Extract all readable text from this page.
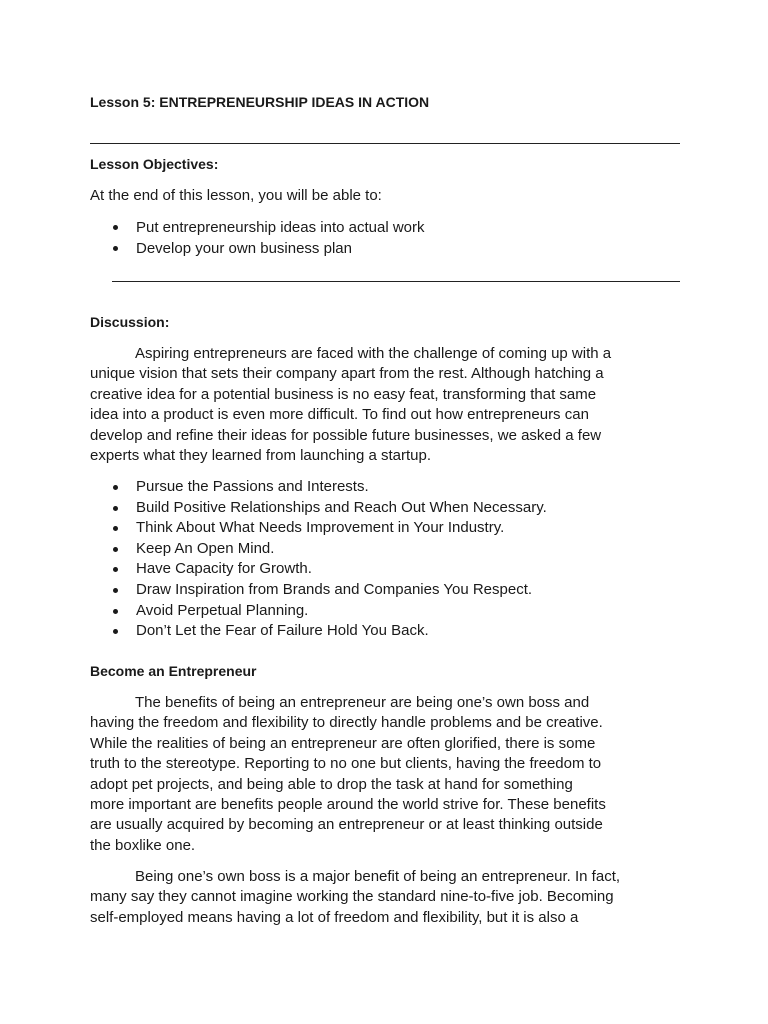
Lesson 5: ENTREPRENEURSHIP IDEAS IN ACTION
Lesson Objectives:
At the end of this lesson, you will be able to:
Put entrepreneurship ideas into actual work
Develop your own business plan
Discussion:
Aspiring entrepreneurs are faced with the challenge of coming up with a
unique vision that sets their company apart from the rest. Although hatching a
creative idea for a potential business is no easy feat, transforming that same
idea into a product is even more difficult. To find out how entrepreneurs can
develop and refine their ideas for possible future businesses, we asked a few
experts what they learned from launching a startup.
Pursue the Passions and Interests.
Build Positive Relationships and Reach Out When Necessary.
Think About What Needs Improvement in Your Industry.
Keep An Open Mind.
Have Capacity for Growth.
Draw Inspiration from Brands and Companies You Respect.
Avoid Perpetual Planning.
Don’t Let the Fear of Failure Hold You Back.
Become an Entrepreneur
The benefits of being an entrepreneur are being one’s own boss and
having the freedom and flexibility to directly handle problems and be creative.
While the realities of being an entrepreneur are often glorified, there is some
truth to the stereotype. Reporting to no one but clients, having the freedom to
adopt pet projects, and being able to drop the task at hand for something
more important are benefits people around the world strive for. These benefits
are usually acquired by becoming an entrepreneur or at least thinking outside
the boxlike one.
Being one’s own boss is a major benefit of being an entrepreneur. In fact,
many say they cannot imagine working the standard nine-to-five job. Becoming
self-employed means having a lot of freedom and flexibility, but it is also a
